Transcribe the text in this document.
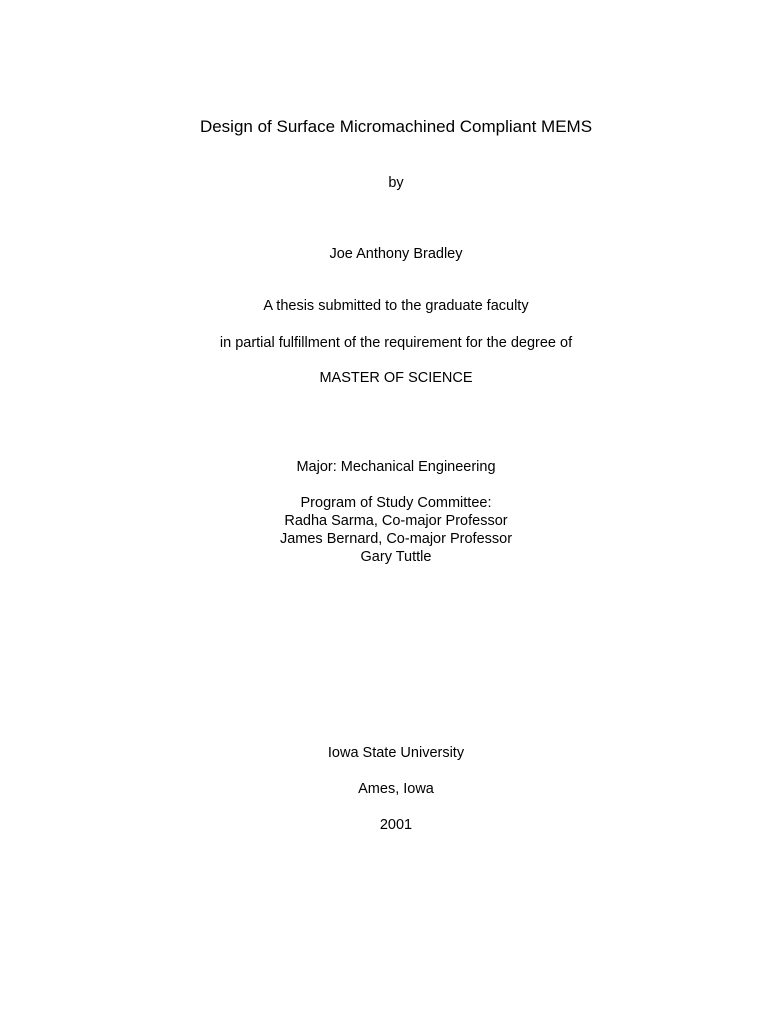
Design of Surface Micromachined Compliant MEMS
by
Joe Anthony Bradley
A thesis submitted to the graduate faculty
in partial fulfillment of the requirement for the degree of
MASTER OF SCIENCE
Major: Mechanical Engineering
Program of Study Committee:
Radha Sarma, Co-major Professor
James Bernard, Co-major Professor
Gary Tuttle
Iowa State University
Ames, Iowa
2001
